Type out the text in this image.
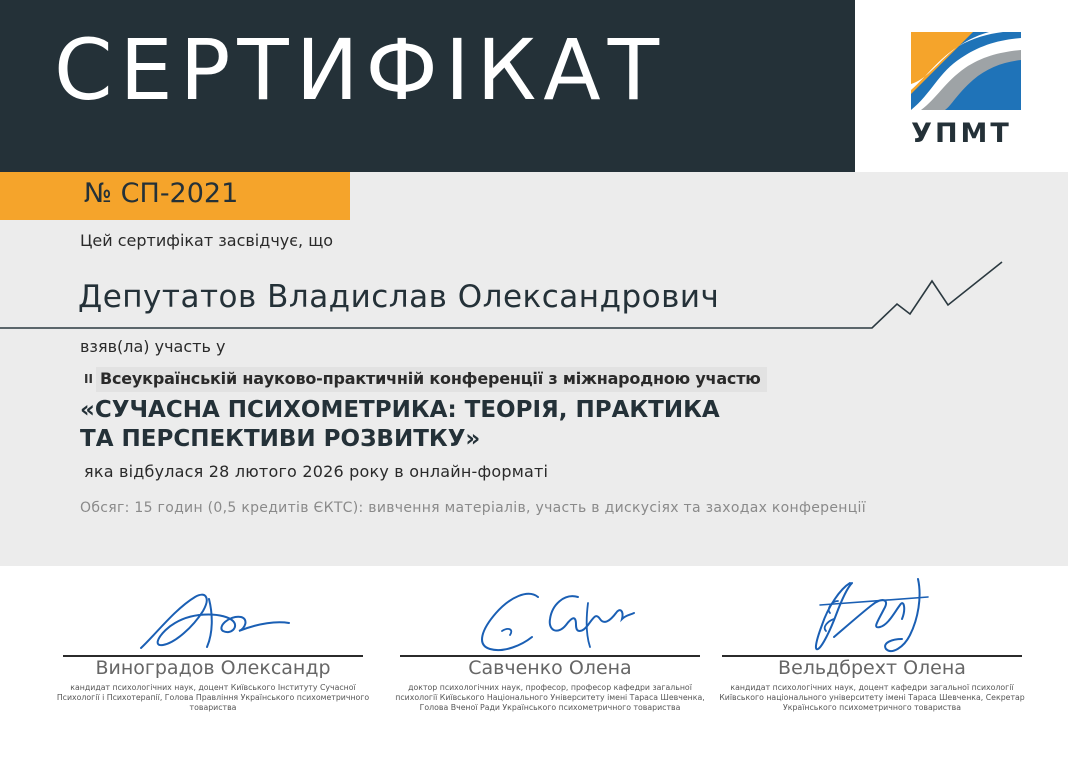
СЕРТИФІКАТ
УПМТ
№ СП-2021
Цей сертифікат засвідчує, що
Депутатов Владислав Олександрович
взяв(ла) участь у
II Всеукраїнській науково-практичній конференції з міжнародною участю
«СУЧАСНА ПСИХОМЕТРИКА: ТЕОРІЯ, ПРАКТИКА
ТА ПЕРСПЕКТИВИ РОЗВИТКУ»
яка відбулася 28 лютого 2026 року в онлайн-форматі
Обсяг: 15 годин (0,5 кредитів ЄКТС): вивчення матеріалів, участь в дискусіях та заходах конференції
Виноградов Олександр
кандидат психологічних наук, доцент Київського Інституту Сучасної Психології і Психотерапії, Голова Правління Українського психометричного товариства
Савченко Олена
доктор психологічних наук, професор, професор кафедри загальної психології Київського Національного Університету імені Тараса Шевченка, Голова Вченої Ради Українського психометричного товариства
Вельдбрехт Олена
кандидат психологічних наук, доцент кафедри загальної психології Київського національного університету імені Тараса Шевченка, Секретар Українського психометричного товариства
